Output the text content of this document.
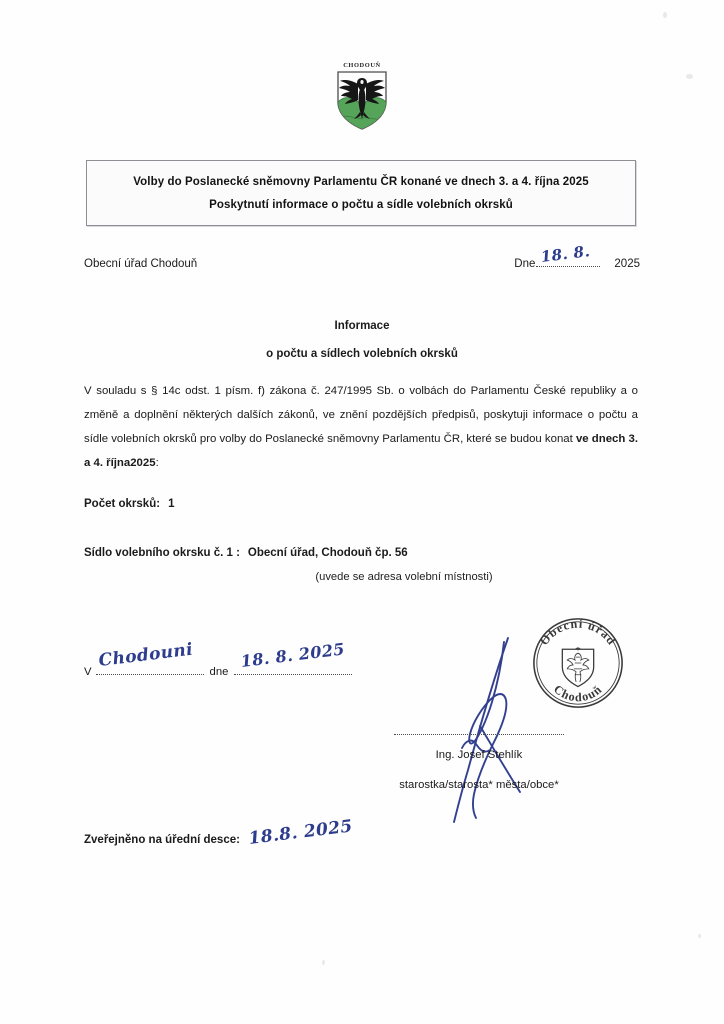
CHODOUŇ
Volby do Poslanecké sněmovny Parlamentu ČR konané ve dnech 3. a 4. října 2025
Poskytnutí informace o počtu a sídle volebních okrsků
Obecní úřad Chodouň	Dne 18. 8. 2025
Informace
o počtu a sídlech volebních okrsků
V souladu s § 14c odst. 1 písm. f) zákona č. 247/1995 Sb. o volbách do Parlamentu České republiky a o změně a doplnění některých dalších zákonů, ve znění pozdějších předpisů, poskytuji informace o počtu a sídle volebních okrsků pro volby do Poslanecké sněmovny Parlamentu ČR, které se budou konat ve dnech 3. a 4. října2025:
Počet okrsků: 1
Sídlo volebního okrsku č. 1 : Obecní úřad, Chodouň čp. 56
(uvede se adresa volební místnosti)
V
Chodouni
dne
18. 8. 2025
Obecní úřad
Chodouň
Ing. Josef Stehlík
starostka/starosta* města/obce*
Zveřejněno na úřední desce: 18.8. 2025
